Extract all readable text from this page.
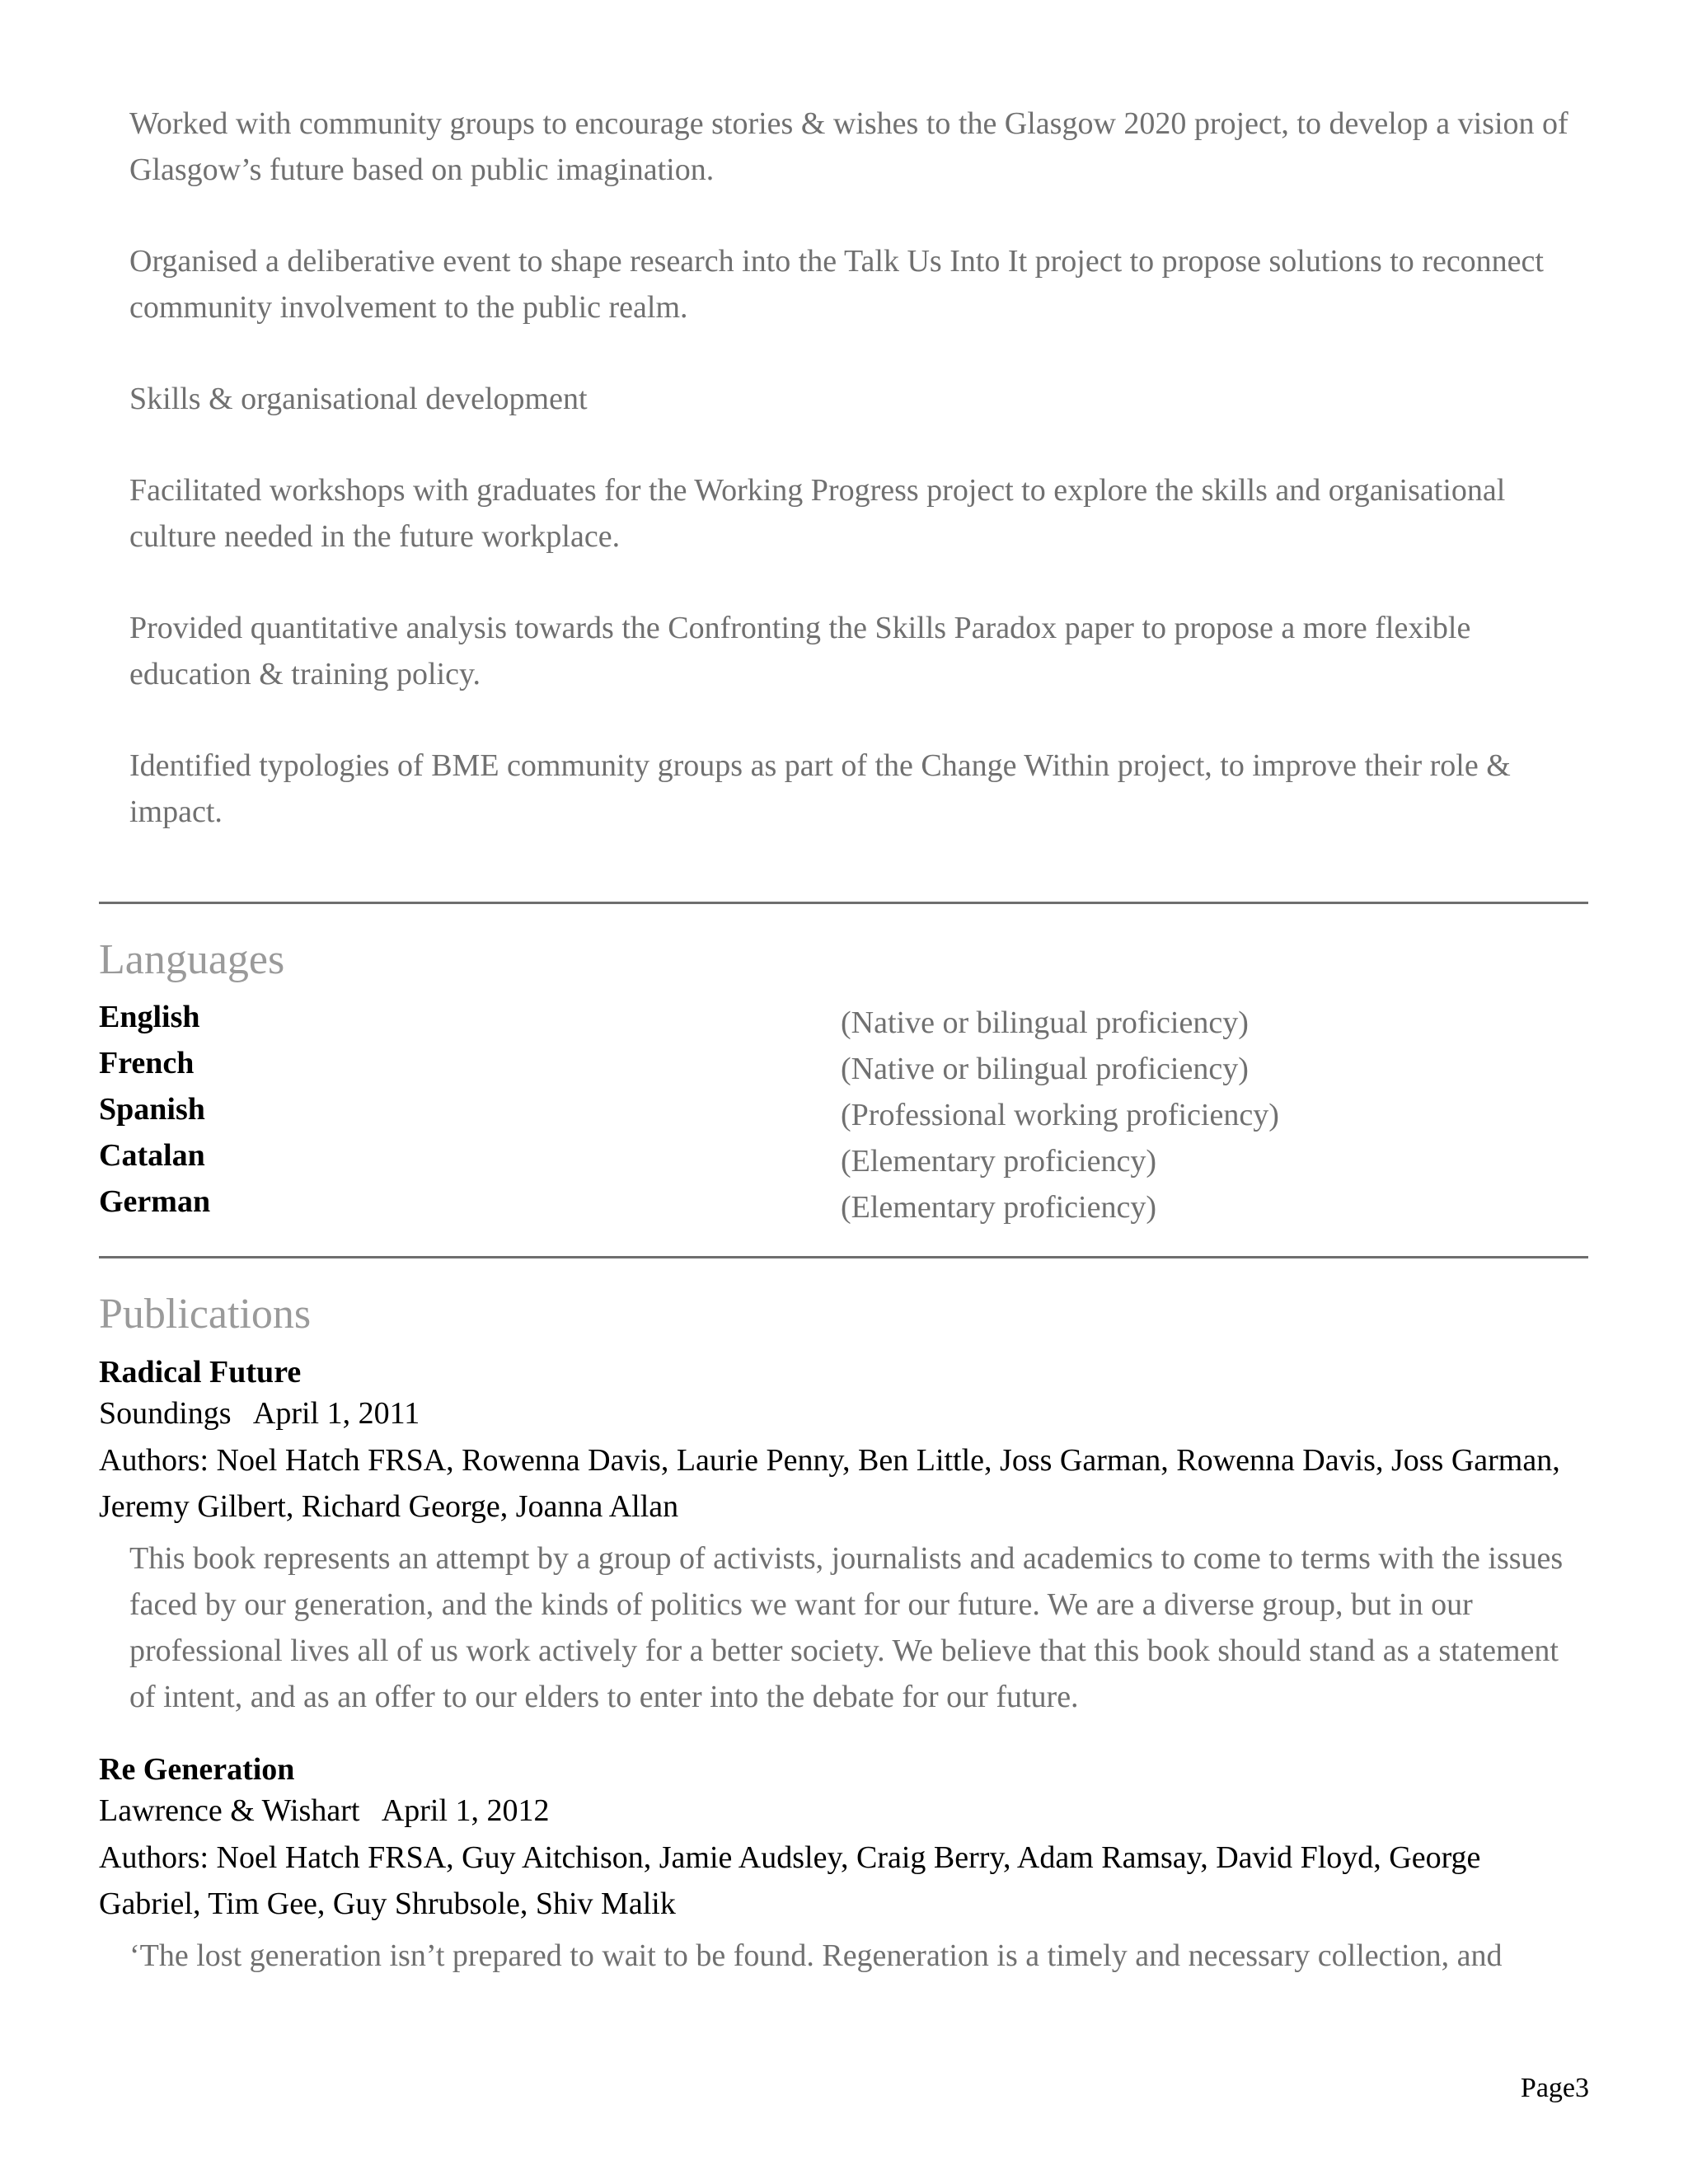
Worked with community groups to encourage stories & wishes to the Glasgow 2020 project, to develop a vision of Glasgow’s future based on public imagination.

Organised a deliberative event to shape research into the Talk Us Into It project to propose solutions to reconnect community involvement to the public realm.

Skills & organisational development

Facilitated workshops with graduates for the Working Progress project to explore the skills and organisational culture needed in the future workplace.

Provided quantitative analysis towards the Confronting the Skills Paradox paper to propose a more flexible education & training policy.

Identified typologies of BME community groups as part of the Change Within project, to improve their role & impact.

Languages
English	(Native or bilingual proficiency)
French	(Native or bilingual proficiency)
Spanish	(Professional working proficiency)
Catalan	(Elementary proficiency)
German	(Elementary proficiency)
Publications
Radical Future
Soundings April 1, 2011

Authors: Noel Hatch FRSA, Rowenna Davis, Laurie Penny, Ben Little, Joss Garman, Rowenna Davis, Joss Garman, Jeremy Gilbert, Richard George, Joanna Allan

This book represents an attempt by a group of activists, journalists and academics to come to terms with the issues faced by our generation, and the kinds of politics we want for our future. We are a diverse group, but in our professional lives all of us work actively for a better society. We believe that this book should stand as a statement of intent, and as an offer to our elders to enter into the debate for our future.

Re Generation
Lawrence & Wishart April 1, 2012

Authors: Noel Hatch FRSA, Guy Aitchison, Jamie Audsley, Craig Berry, Adam Ramsay, David Floyd, George Gabriel, Tim Gee, Guy Shrubsole, Shiv Malik

‘The lost generation isn’t prepared to wait to be found. Regeneration is a timely and necessary collection, and

Page3
